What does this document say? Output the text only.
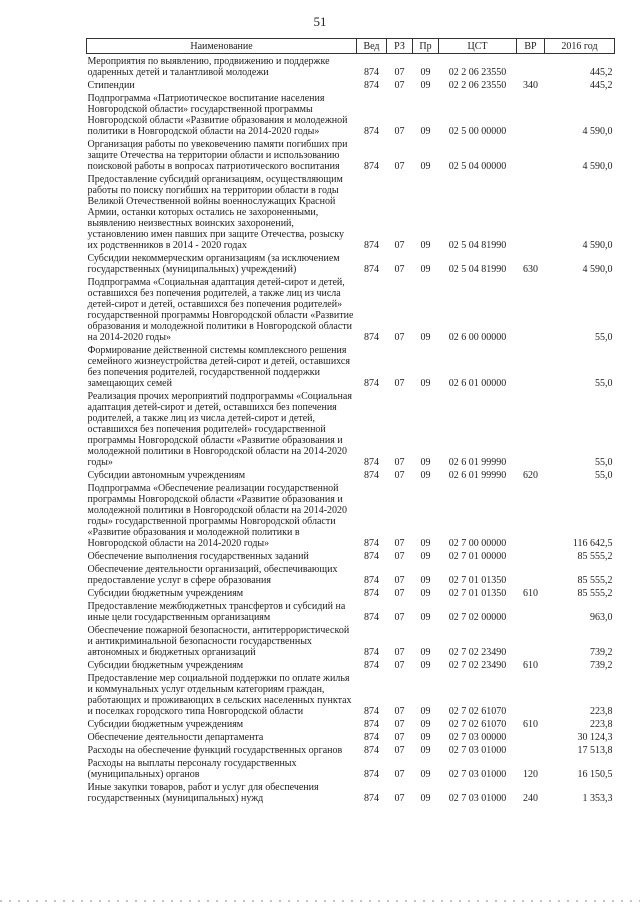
51
Наименование	Вед	РЗ	Пр	ЦСТ	ВР	2016 год
Мероприятия по выявлению, продвижению и поддержке одаренных детей и талантливой молодежи	874	07	09	02 2 06 23550		445,2
Стипендии	874	07	09	02 2 06 23550	340	445,2
Подпрограмма «Патриотическое воспитание населения Новгородской области» государственной программы Новгородской области «Развитие образования и молодежной политики в Новгородской области на 2014-2020 годы»	874	07	09	02 5 00 00000		4 590,0
Организация работы по увековечению памяти погибших при защите Отечества на территории области и использованию поисковой работы в вопросах патриотического воспитания	874	07	09	02 5 04 00000		4 590,0
Предоставление субсидий организациям, осуществляющим работы по поиску погибших на территории области в годы Великой Отечественной войны военнослужащих Красной Армии, останки которых остались не захороненными, выявлению неизвестных воинских захоронений, установлению имен павших при защите Отечества, розыску их родственников в 2014 - 2020 годах	874	07	09	02 5 04 81990		4 590,0
Субсидии некоммерческим организациям (за исключением государственных (муниципальных) учреждений)	874	07	09	02 5 04 81990	630	4 590,0
Подпрограмма «Социальная адаптация детей-сирот и детей, оставшихся без попечения родителей, а также лиц из числа детей-сирот и детей, оставшихся без попечения родителей» государственной программы Новгородской области «Развитие образования и молодежной политики в Новгородской области на 2014-2020 годы»	874	07	09	02 6 00 00000		55,0
Формирование действенной системы комплексного решения семейного жизнеустройства детей-сирот и детей, оставшихся без попечения родителей, государственной поддержки замещающих семей	874	07	09	02 6 01 00000		55,0
Реализация прочих мероприятий подпрограммы «Социальная адаптация детей-сирот и детей, оставшихся без попечения родителей, а также лиц из числа детей-сирот и детей, оставшихся без попечения родителей» государственной программы Новгородской области «Развитие образования и молодежной политики в Новгородской области на 2014-2020 годы»	874	07	09	02 6 01 99990		55,0
Субсидии автономным учреждениям	874	07	09	02 6 01 99990	620	55,0
Подпрограмма «Обеспечение реализации государственной программы Новгородской области «Развитие образования и молодежной политики в Новгородской области на 2014-2020 годы» государственной программы Новгородской области «Развитие образования и молодежной политики в Новгородской области на 2014-2020 годы»	874	07	09	02 7 00 00000		116 642,5
Обеспечение выполнения государственных заданий	874	07	09	02 7 01 00000		85 555,2
Обеспечение деятельности организаций, обеспечивающих предоставление услуг в сфере образования	874	07	09	02 7 01 01350		85 555,2
Субсидии бюджетным учреждениям	874	07	09	02 7 01 01350	610	85 555,2
Предоставление межбюджетных трансфертов и субсидий на иные цели государственным организациям	874	07	09	02 7 02 00000		963,0
Обеспечение пожарной безопасности, антитеррористической и антикриминальной безопасности государственных автономных и бюджетных организаций	874	07	09	02 7 02 23490		739,2
Субсидии бюджетным учреждениям	874	07	09	02 7 02 23490	610	739,2
Предоставление мер социальной поддержки по оплате жилья и коммунальных услуг отдельным категориям граждан, работающих и проживающих в сельских населенных пунктах и поселках городского типа Новгородской области	874	07	09	02 7 02 61070		223,8
Субсидии бюджетным учреждениям	874	07	09	02 7 02 61070	610	223,8
Обеспечение деятельности департамента	874	07	09	02 7 03 00000		30 124,3
Расходы на обеспечение функций государственных органов	874	07	09	02 7 03 01000		17 513,8
Расходы на выплаты персоналу государственных (муниципальных) органов	874	07	09	02 7 03 01000	120	16 150,5
Иные закупки товаров, работ и услуг для обеспечения государственных (муниципальных) нужд	874	07	09	02 7 03 01000	240	1 353,3
